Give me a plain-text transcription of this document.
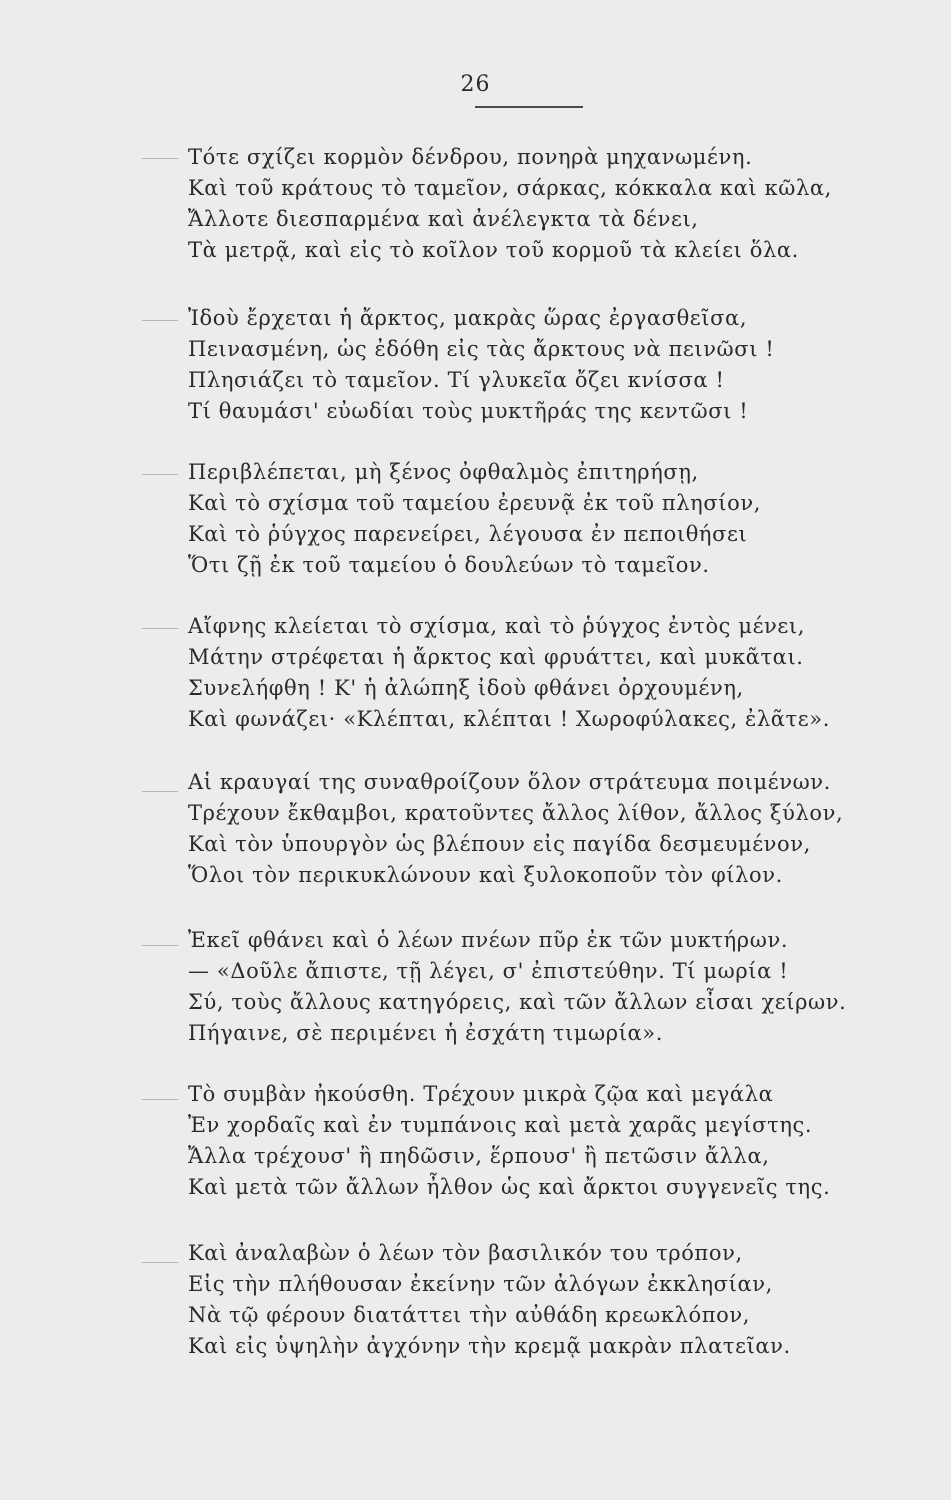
26
Τότε σχίζει κορμὸν δένδρου, πονηρὰ μηχανωμένη.
Καὶ τοῦ κράτους τὸ ταμεῖον, σάρκας, κόκκαλα καὶ κῶλα,
Ἄλλοτε διεσπαρμένα καὶ ἀνέλεγκτα τὰ δένει,
Τὰ μετρᾷ, καὶ εἰς τὸ κοῖλον τοῦ κορμοῦ τὰ κλείει ὅλα.
Ἰδοὺ ἔρχεται ἡ ἄρκτος, μακρὰς ὥρας ἐργασθεῖσα,
Πεινασμένη, ὡς ἐδόθη εἰς τὰς ἄρκτους νὰ πεινῶσι !
Πλησιάζει τὸ ταμεῖον. Τί γλυκεῖα ὄζει κνίσσα !
Τί θαυμάσι' εὐωδίαι τοὺς μυκτῆράς της κεντῶσι !
Περιβλέπεται, μὴ ξένος ὀφθαλμὸς ἐπιτηρήσῃ,
Καὶ τὸ σχίσμα τοῦ ταμείου ἐρευνᾷ ἐκ τοῦ πλησίον,
Καὶ τὸ ῥύγχος παρενείρει, λέγουσα ἐν πεποιθήσει
Ὅτι ζῇ ἐκ τοῦ ταμείου ὁ δουλεύων τὸ ταμεῖον.
Αἴφνης κλείεται τὸ σχίσμα, καὶ τὸ ῥύγχος ἐντὸς μένει,
Μάτην στρέφεται ἡ ἄρκτος καὶ φρυάττει, καὶ μυκᾶται.
Συνελήφθη ! Κ' ἡ ἀλώπηξ ἰδοὺ φθάνει ὀρχουμένη,
Καὶ φωνάζει· «Κλέπται, κλέπται ! Χωροφύλακες, ἐλᾶτε».
Αἱ κραυγαί της συναθροίζουν ὅλον στράτευμα ποιμένων.
Τρέχουν ἔκθαμβοι, κρατοῦντες ἄλλος λίθον, ἄλλος ξύλον,
Καὶ τὸν ὑπουργὸν ὡς βλέπουν εἰς παγίδα δεσμευμένον,
Ὅλοι τὸν περικυκλώνουν καὶ ξυλοκοποῦν τὸν φίλον.
Ἐκεῖ φθάνει καὶ ὁ λέων πνέων πῦρ ἐκ τῶν μυκτήρων.
— «Δοῦλε ἄπιστε, τῇ λέγει, σ' ἐπιστεύθην. Τί μωρία !
Σύ, τοὺς ἄλλους κατηγόρεις, καὶ τῶν ἄλλων εἶσαι χείρων.
Πήγαινε, σὲ περιμένει ἡ ἐσχάτη τιμωρία».
Τὸ συμβὰν ἠκούσθη. Τρέχουν μικρὰ ζῷα καὶ μεγάλα
Ἐν χορδαῖς καὶ ἐν τυμπάνοις καὶ μετὰ χαρᾶς μεγίστης.
Ἄλλα τρέχουσ' ἢ πηδῶσιν, ἕρπουσ' ἢ πετῶσιν ἄλλα,
Καὶ μετὰ τῶν ἄλλων ἦλθον ὡς καὶ ἄρκτοι συγγενεῖς της.
Καὶ ἀναλαβὼν ὁ λέων τὸν βασιλικόν του τρόπον,
Εἰς τὴν πλήθουσαν ἐκείνην τῶν ἀλόγων ἐκκλησίαν,
Νὰ τῷ φέρουν διατάττει τὴν αὐθάδη κρεωκλόπον,
Καὶ εἰς ὑψηλὴν ἀγχόνην τὴν κρεμᾷ μακρὰν πλατεῖαν.
